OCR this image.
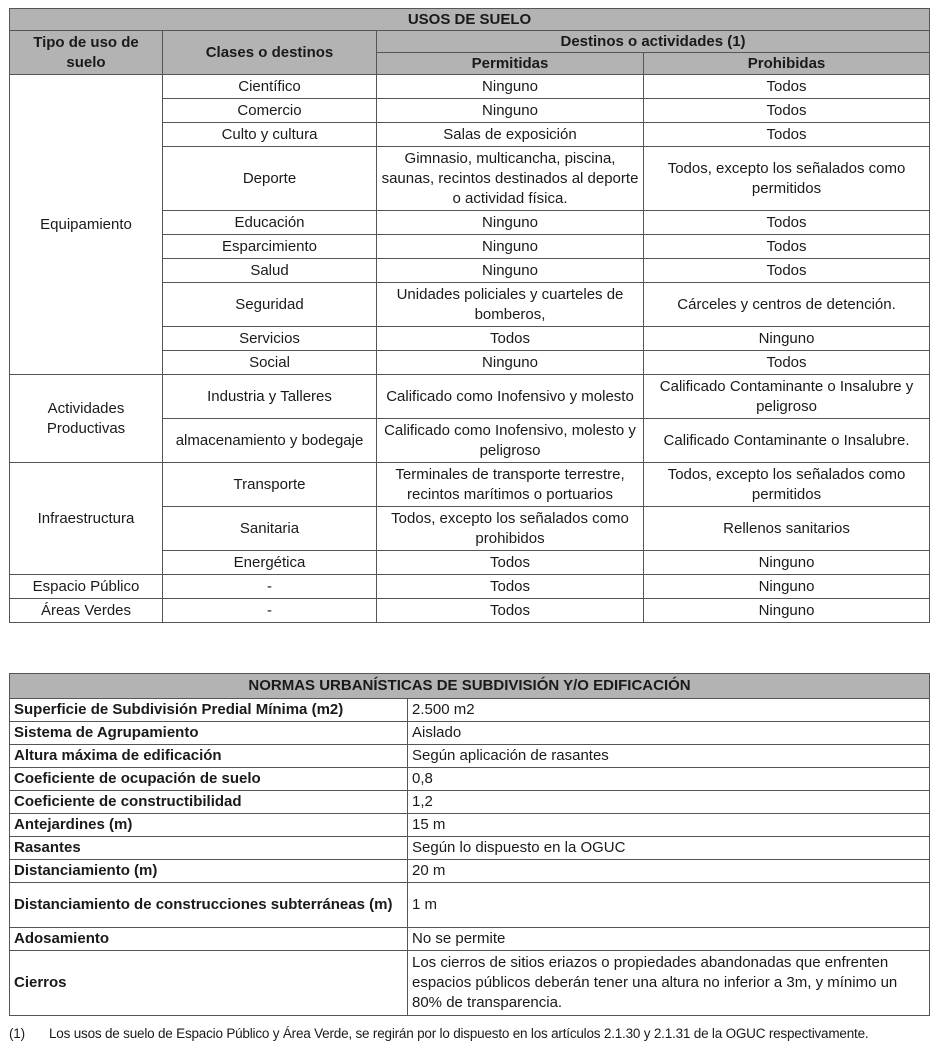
USOS DE SUELO			
Tipo de uso de suelo	Clases o destinos	Destinos o actividades (1)	
		Permitidas	Prohibidas
Equipamiento	Científico	Ninguno	Todos
	Comercio	Ninguno	Todos
	Culto y cultura	Salas de exposición	Todos
	Deporte	Gimnasio, multicancha, piscina, saunas, recintos destinados al deporte o actividad física.	Todos, excepto los señalados como permitidos
	Educación	Ninguno	Todos
	Esparcimiento	Ninguno	Todos
	Salud	Ninguno	Todos
	Seguridad	Unidades policiales y cuarteles de bomberos,	Cárceles y centros de detención.
	Servicios	Todos	Ninguno
	Social	Ninguno	Todos
Actividades Productivas	Industria y Talleres	Calificado como Inofensivo y molesto	Calificado Contaminante o Insalubre y peligroso
	almacenamiento y bodegaje	Calificado como Inofensivo, molesto y peligroso	Calificado Contaminante o Insalubre.
Infraestructura	Transporte	Terminales de transporte terrestre, recintos marítimos o portuarios	Todos, excepto los señalados como permitidos
	Sanitaria	Todos, excepto los señalados como prohibidos	Rellenos sanitarios
	Energética	Todos	Ninguno
Espacio Público	-	Todos	Ninguno
Áreas Verdes	-	Todos	Ninguno
NORMAS URBANÍSTICAS DE SUBDIVISIÓN Y/O EDIFICACIÓN	
Superficie de Subdivisión Predial Mínima (m2)	2.500 m2
Sistema de Agrupamiento	Aislado
Altura máxima de edificación	Según aplicación de rasantes
Coeficiente de ocupación de suelo	0,8
Coeficiente de constructibilidad	1,2
Antejardines (m)	15 m
Rasantes	Según lo dispuesto en la OGUC
Distanciamiento (m)	20 m
Distanciamiento de construcciones subterráneas (m)	1 m
Adosamiento	No se permite
Cierros	Los cierros de sitios eriazos o propiedades abandonadas que enfrenten espacios públicos deberán tener una altura no inferior a 3m, y mínimo un 80% de transparencia.
(1)	Los usos de suelo de Espacio Público y Área Verde, se regirán por lo dispuesto en los artículos 2.1.30 y 2.1.31 de la OGUC respectivamente.
